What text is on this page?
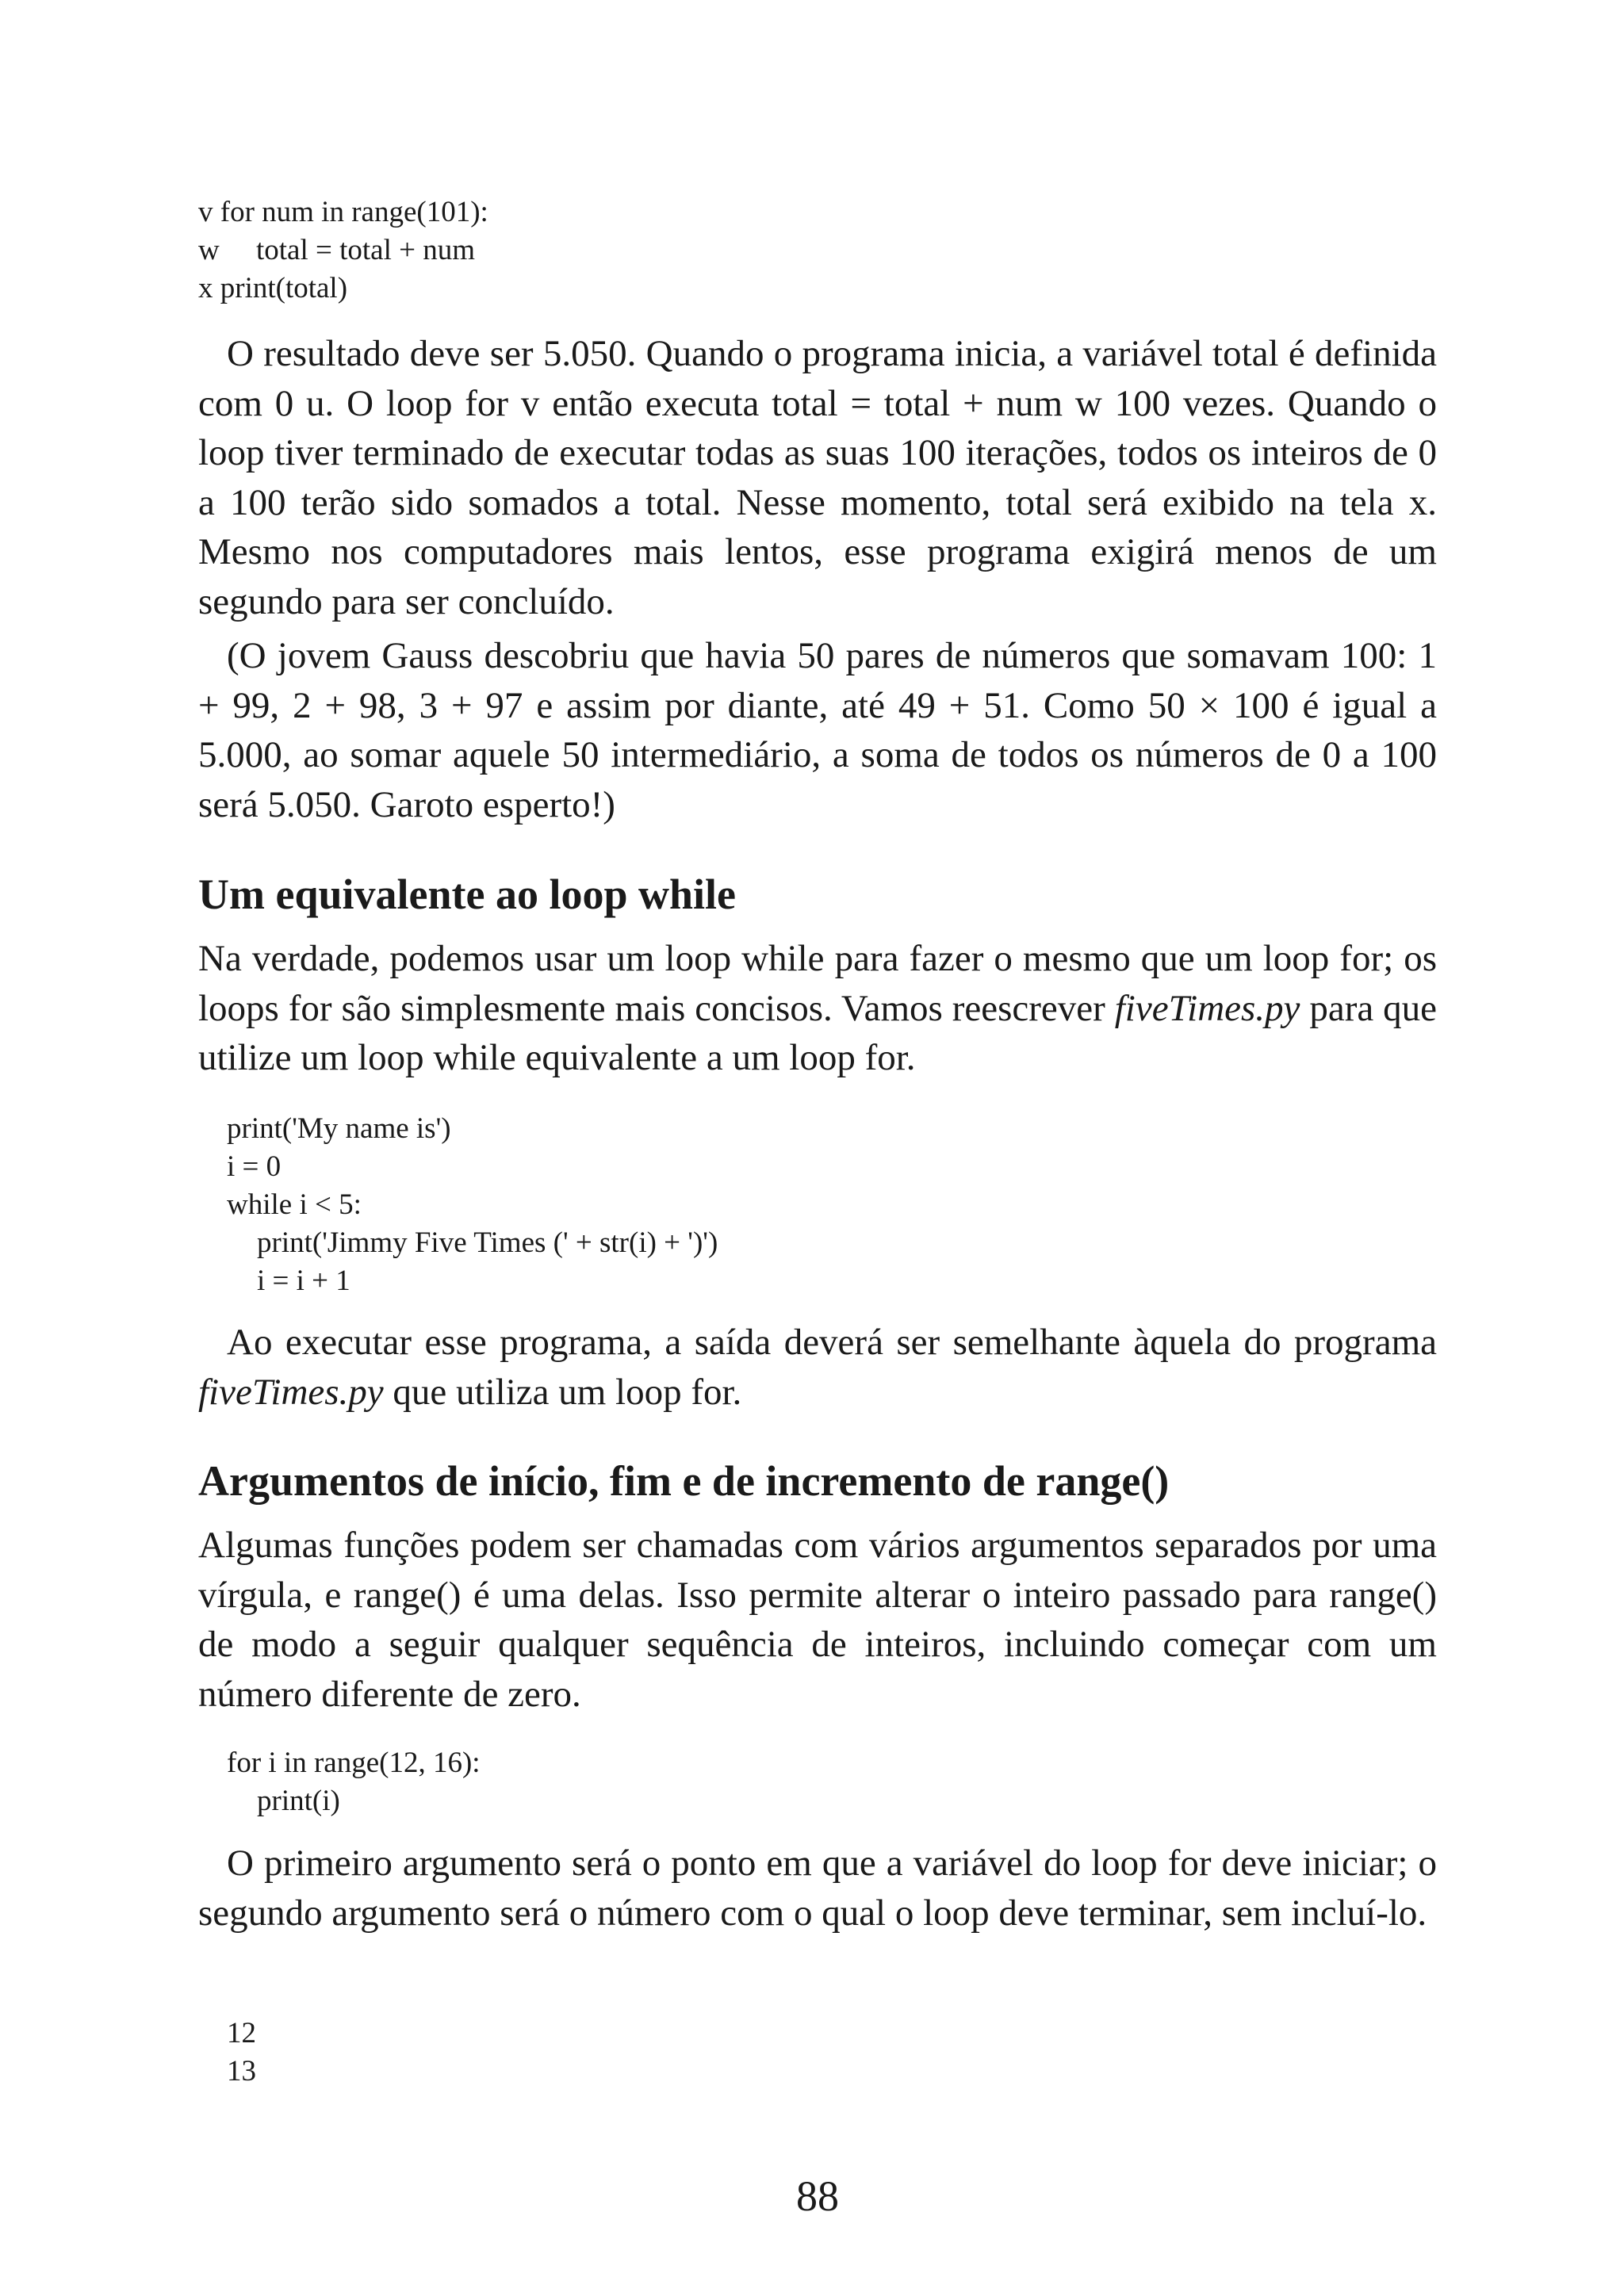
v for num in range(101):
w     total = total + num
x print(total)

O resultado deve ser 5.050. Quando o programa inicia, a variável total é definida com 0 u. O loop for v então executa total = total + num w 100 vezes. Quando o loop tiver terminado de executar todas as suas 100 iterações, todos os inteiros de 0 a 100 terão sido somados a total. Nesse momento, total será exibido na tela x. Mesmo nos computadores mais lentos, esse programa exigirá menos de um segundo para ser concluído.

(O jovem Gauss descobriu que havia 50 pares de números que somavam 100: 1 + 99, 2 + 98, 3 + 97 e assim por diante, até 49 + 51. Como 50 × 100 é igual a 5.000, ao somar aquele 50 intermediário, a soma de todos os números de 0 a 100 será 5.050. Garoto esperto!)

Um equivalente ao loop while

Na verdade, podemos usar um loop while para fazer o mesmo que um loop for; os loops for são simplesmente mais concisos. Vamos reescrever fiveTimes.py para que utilize um loop while equivalente a um loop for.

print('My name is')
i = 0
while i < 5:
print('Jimmy Five Times (' + str(i) + ')')
i = i + 1

Ao executar esse programa, a saída deverá ser semelhante àquela do programa fiveTimes.py que utiliza um loop for.

Argumentos de início, fim e de incremento de range()

Algumas funções podem ser chamadas com vários argumentos separados por uma vírgula, e range() é uma delas. Isso permite alterar o inteiro passado para range() de modo a seguir qualquer sequência de inteiros, incluindo começar com um número diferente de zero.

for i in range(12, 16):
print(i)

O primeiro argumento será o ponto em que a variável do loop for deve iniciar; o segundo argumento será o número com o qual o loop deve terminar, sem incluí-lo.

12
13
88
